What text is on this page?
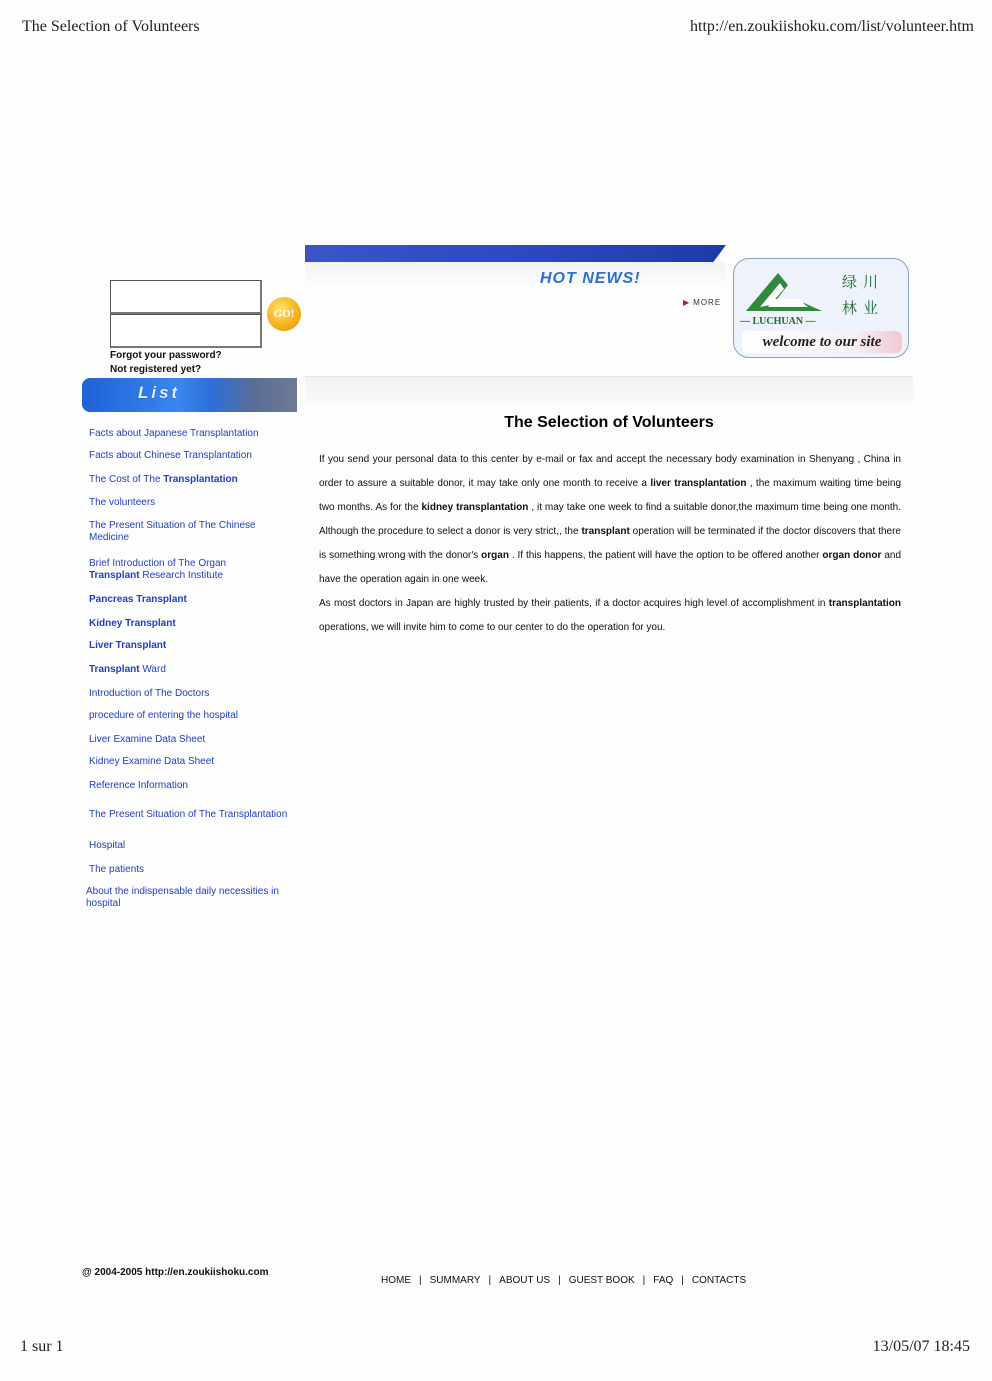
The Selection of Volunteers	http://en.zoukiishoku.com/list/volunteer.htm
HOT NEWS!
▶ MORE
绿川
林业
— LUCHUAN —
welcome to our site
GO!
Forgot your password?
Not registered yet?
List
Facts about Japanese Transplantation
Facts about Chinese Transplantation
The Cost of The Transplantation
The volunteers
The Present Situation of The Chinese Medicine
Brief Introduction of The Organ
Transplant Research Institute
Pancreas Transplant
Kidney Transplant
Liver Transplant
Transplant Ward
Introduction of The Doctors
procedure of entering the hospital
Liver Examine Data Sheet
Kidney Examine Data Sheet
Reference Information
The Present Situation of The Transplantation
Hospital
The patients
About the indispensable daily necessities in hospital
The Selection of Volunteers

If you send your personal data to this center by e-mail or fax and accept the necessary body examination in Shenyang , China in order to assure a suitable donor, it may take only one month to receive a liver transplantation , the maximum waiting time being two months. As for the kidney transplantation , it may take one week to find a suitable donor,the maximum time being one month. Although the procedure to select a donor is very strict,, the transplant operation will be terminated if the doctor discovers that there is something wrong with the donor's organ . If this happens, the patient will have the option to be offered another organ donor and have the operation again in one week.

As most doctors in Japan are highly trusted by their patients, if a doctor acquires high level of accomplishment in transplantation operations, we will invite him to come to our center to do the operation for you.

@ 2004-2005 http://en.zoukiishoku.com
HOME | SUMMARY | ABOUT US | GUEST BOOK | FAQ | CONTACTS
1 sur 1	13/05/07 18:45
